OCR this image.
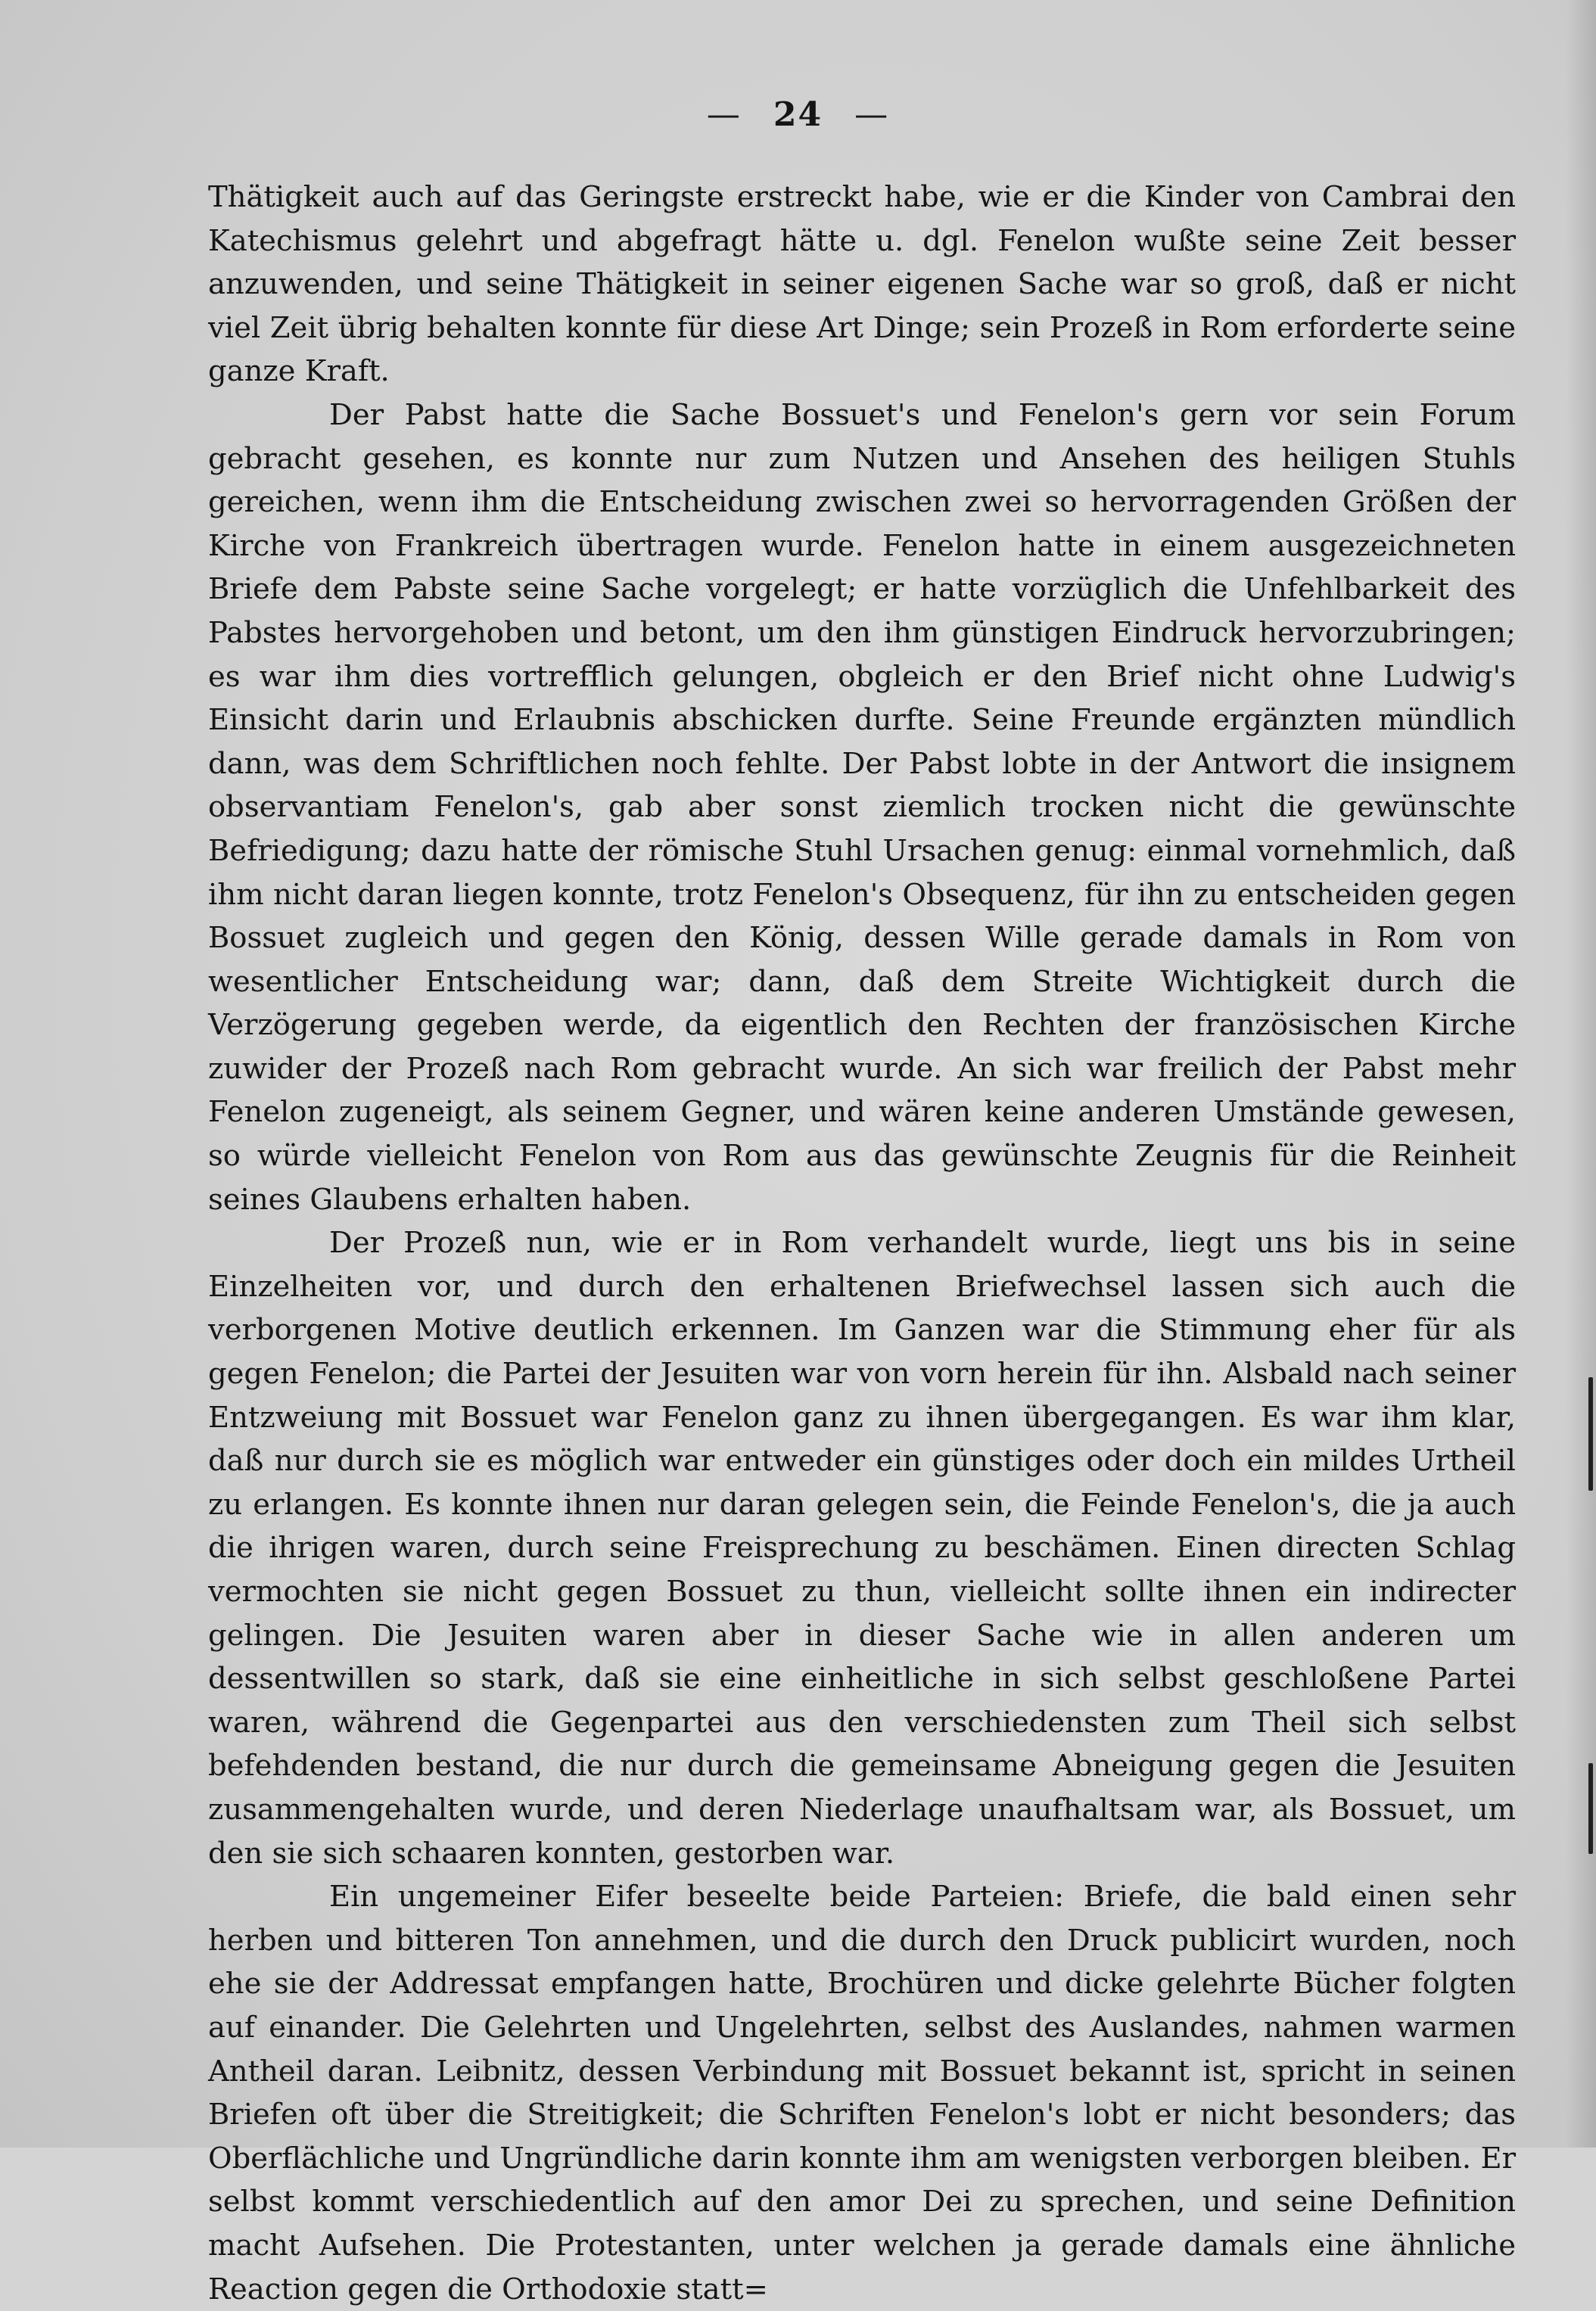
— 24 —

Thätigkeit auch auf das Geringste erstreckt habe, wie er die Kinder von Cambrai den Katechismus gelehrt und abgefragt hätte u. dgl. Fenelon wußte seine Zeit besser anzuwenden, und seine Thätigkeit in seiner eigenen Sache war so groß, daß er nicht viel Zeit übrig behalten konnte für diese Art Dinge; sein Prozeß in Rom erforderte seine ganze Kraft.

Der Pabst hatte die Sache Bossuet's und Fenelon's gern vor sein Forum gebracht gesehen, es konnte nur zum Nutzen und Ansehen des heiligen Stuhls gereichen, wenn ihm die Entscheidung zwischen zwei so hervorragenden Größen der Kirche von Frankreich übertragen wurde. Fenelon hatte in einem ausgezeichneten Briefe dem Pabste seine Sache vorgelegt; er hatte vorzüglich die Unfehlbarkeit des Pabstes hervorgehoben und betont, um den ihm günstigen Eindruck hervorzubringen; es war ihm dies vortrefflich gelungen, obgleich er den Brief nicht ohne Ludwig's Einsicht darin und Erlaubnis abschicken durfte. Seine Freunde ergänzten mündlich dann, was dem Schriftlichen noch fehlte. Der Pabst lobte in der Antwort die insignem observantiam Fenelon's, gab aber sonst ziemlich trocken nicht die gewünschte Befriedigung; dazu hatte der römische Stuhl Ursachen genug: einmal vornehmlich, daß ihm nicht daran liegen konnte, trotz Fenelon's Obsequenz, für ihn zu entscheiden gegen Bossuet zugleich und gegen den König, dessen Wille gerade damals in Rom von wesentlicher Entscheidung war; dann, daß dem Streite Wichtigkeit durch die Verzögerung gegeben werde, da eigentlich den Rechten der französischen Kirche zuwider der Prozeß nach Rom gebracht wurde. An sich war freilich der Pabst mehr Fenelon zugeneigt, als seinem Gegner, und wären keine anderen Umstände gewesen, so würde vielleicht Fenelon von Rom aus das gewünschte Zeugnis für die Reinheit seines Glaubens erhalten haben.

Der Prozeß nun, wie er in Rom verhandelt wurde, liegt uns bis in seine Einzelheiten vor, und durch den erhaltenen Briefwechsel lassen sich auch die verborgenen Motive deutlich erkennen. Im Ganzen war die Stimmung eher für als gegen Fenelon; die Partei der Jesuiten war von vorn herein für ihn. Alsbald nach seiner Entzweiung mit Bossuet war Fenelon ganz zu ihnen übergegangen. Es war ihm klar, daß nur durch sie es möglich war entweder ein günstiges oder doch ein mildes Urtheil zu erlangen. Es konnte ihnen nur daran gelegen sein, die Feinde Fenelon's, die ja auch die ihrigen waren, durch seine Freisprechung zu beschämen. Einen directen Schlag vermochten sie nicht gegen Bossuet zu thun, vielleicht sollte ihnen ein indirecter gelingen. Die Jesuiten waren aber in dieser Sache wie in allen anderen um dessentwillen so stark, daß sie eine einheitliche in sich selbst geschloßene Partei waren, während die Gegenpartei aus den verschiedensten zum Theil sich selbst befehdenden bestand, die nur durch die gemeinsame Abneigung gegen die Jesuiten zusammengehalten wurde, und deren Niederlage unaufhaltsam war, als Bossuet, um den sie sich schaaren konnten, gestorben war.

Ein ungemeiner Eifer beseelte beide Parteien: Briefe, die bald einen sehr herben und bitteren Ton annehmen, und die durch den Druck publicirt wurden, noch ehe sie der Addressat empfangen hatte, Brochüren und dicke gelehrte Bücher folgten auf einander. Die Gelehrten und Ungelehrten, selbst des Auslandes, nahmen warmen Antheil daran. Leibnitz, dessen Verbindung mit Bossuet bekannt ist, spricht in seinen Briefen oft über die Streitigkeit; die Schriften Fenelon's lobt er nicht besonders; das Oberflächliche und Ungründliche darin konnte ihm am wenigsten verborgen bleiben. Er selbst kommt verschiedentlich auf den amor Dei zu sprechen, und seine Definition macht Aufsehen. Die Protestanten, unter welchen ja gerade damals eine ähnliche Reaction gegen die Orthodoxie statt=
